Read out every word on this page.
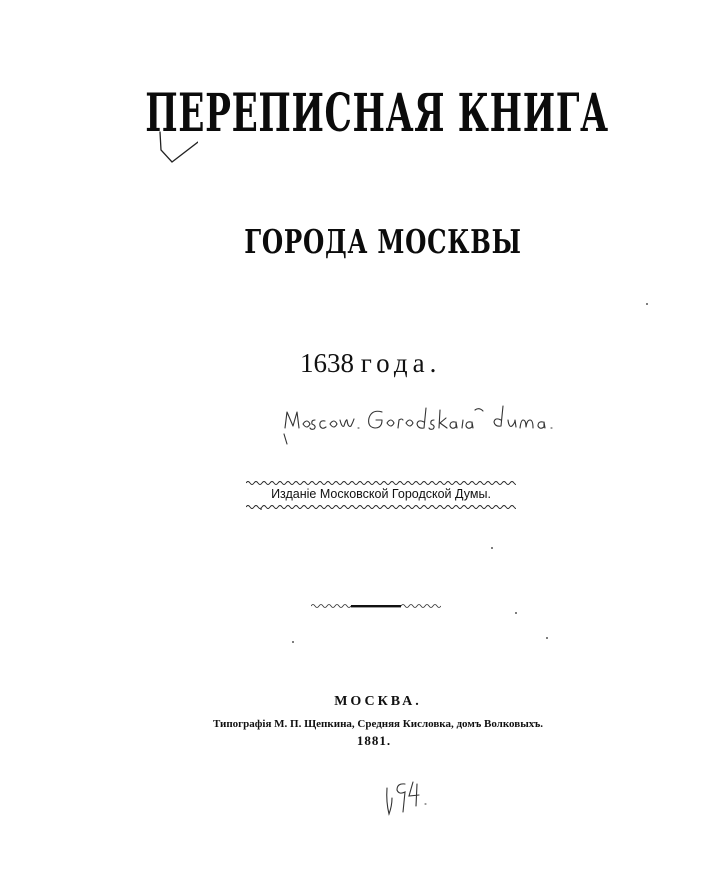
ПЕРЕПИСНАЯ КНИГА
ГОРОДА МОСКВЫ
1638 года.
Изданіе Московской Городской Думы.
МОСКВА.
Типографія М. П. Щепкина, Средняя Кисловка, домъ Волковыхъ.
1881.
